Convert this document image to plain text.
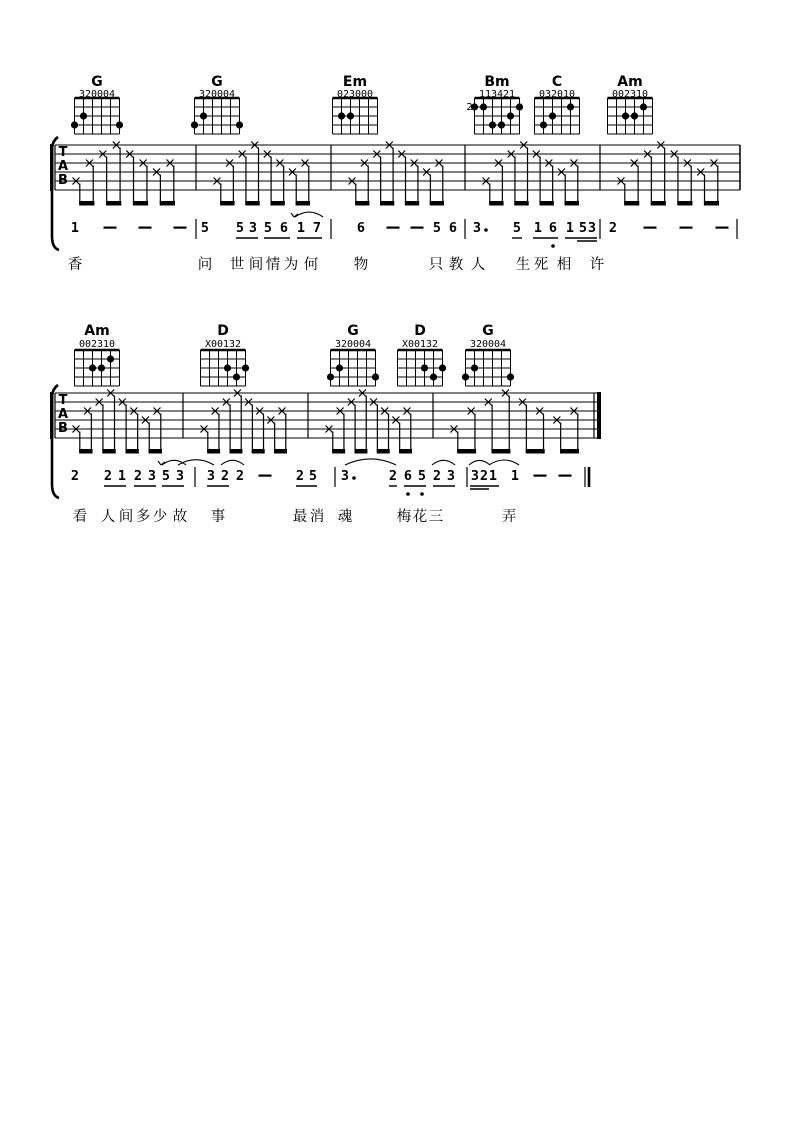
G
320004
G
320004
Em
023000
Bm
113421
2
C
032010
Am
002310
T
A
B
1	5 5 3 5 6 1 7	6	5 6 3 5 1 6 1 5 3 2
香	问 世 间 情 为 何 物	只 教 人 生 死 相 许
Am
002310
D
X00132
G
320004
D
X00132
G
320004
T
A
B
2 2 1 2 3 5 3 3 2 2	2 5 3	2 6 5 2 3 3 2 1 1
看 人 间 多 少 故 事	最 消 魂	梅 花 三	弄
